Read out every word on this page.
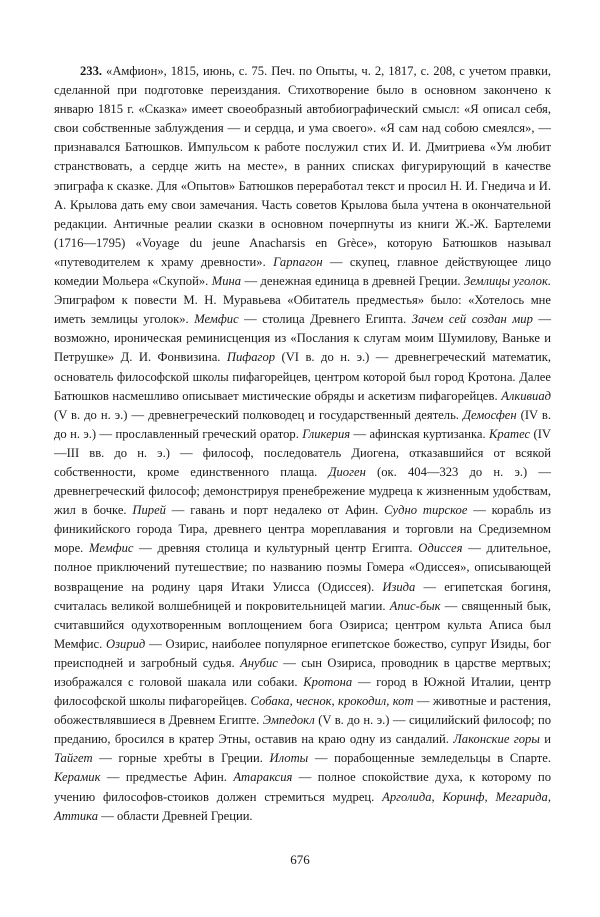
233. «Амфион», 1815, июнь, с. 75. Печ. по Опыты, ч. 2, 1817, с. 208, с учетом правки, сделанной при подготовке переиздания. Стихотворение было в основном закончено к январю 1815 г. «Сказка» имеет своеобразный автобиографический смысл: «Я описал себя, свои собственные заблуждения — и сердца, и ума своего». «Я сам над собою смеялся», — признавался Батюшков. Импульсом к работе послужил стих И. И. Дмитриева «Ум любит странствовать, а сердце жить на месте», в ранних списках фигурирующий в качестве эпиграфа к сказке. Для «Опытов» Батюшков переработал текст и просил Н. И. Гнедича и И. А. Крылова дать ему свои замечания. Часть советов Крылова была учтена в окончательной редакции. Античные реалии сказки в основном почерпнуты из книги Ж.-Ж. Бартелеми (1716—1795) «Voyage du jeune Anacharsis en Grèce», которую Батюшков называл «путеводителем к храму древности». Гарпагон — скупец, главное действующее лицо комедии Мольера «Скупой». Мина — денежная единица в древней Греции. Землицы уголок. Эпиграфом к повести М. Н. Муравьева «Обитатель предместья» было: «Хотелось мне иметь землицы уголок». Мемфис — столица Древнего Египта. Зачем сей создан мир — возможно, ироническая реминисценция из «Послания к слугам моим Шумилову, Ваньке и Петрушке» Д. И. Фонвизина. Пифагор (VI в. до н. э.) — древнегреческий математик, основатель философской школы пифагорейцев, центром которой был город Кротона. Далее Батюшков насмешливо описывает мистические обряды и аскетизм пифагорейцев. Алкивиад (V в. до н. э.) — древнегреческий полководец и государственный деятель. Демосфен (IV в. до н. э.) — прославленный греческий оратор. Гликерия — афинская куртизанка. Кратес (IV—III вв. до н. э.) — философ, последователь Диогена, отказавшийся от всякой собственности, кроме единственного плаща. Диоген (ок. 404—323 до н. э.) — древнегреческий философ; демонстрируя пренебрежение мудреца к жизненным удобствам, жил в бочке. Пирей — гавань и порт недалеко от Афин. Судно тирское — корабль из финикийского города Тира, древнего центра мореплавания и торговли на Средиземном море. Мемфис — древняя столица и культурный центр Египта. Одиссея — длительное, полное приключений путешествие; по названию поэмы Гомера «Одиссея», описывающей возвращение на родину царя Итаки Улисса (Одиссея). Изида — египетская богиня, считалась великой волшебницей и покровительницей магии. Апис-бык — священный бык, считавшийся одухотворенным воплощением бога Озириса; центром культа Аписа был Мемфис. Озирид — Озирис, наиболее популярное египетское божество, супруг Изиды, бог преисподней и загробный судья. Анубис — сын Озириса, проводник в царстве мертвых; изображался с головой шакала или собаки. Кротона — город в Южной Италии, центр философской школы пифагорейцев. Собака, чеснок, крокодил, кот — животные и растения, обожествлявшиеся в Древнем Египте. Эмпедокл (V в. до н. э.) — сицилийский философ; по преданию, бросился в кратер Этны, оставив на краю одну из сандалий. Лаконские горы и Тайгет — горные хребты в Греции. Илоты — порабощенные земледельцы в Спарте. Керамик — предместье Афин. Атараксия — полное спокойствие духа, к которому по учению философов-стоиков должен стремиться мудрец. Арголида, Коринф, Мегарида, Аттика — области Древней Греции.

676
